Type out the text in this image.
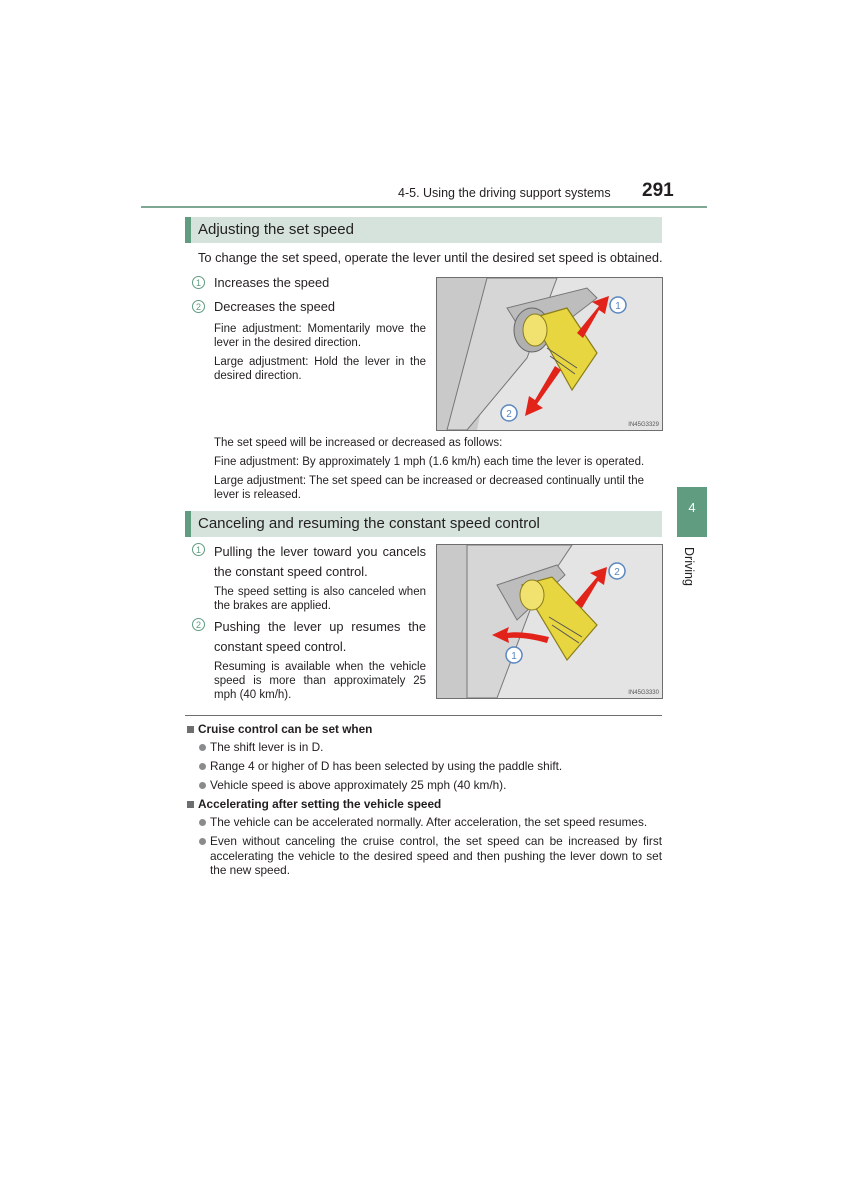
4-5. Using the driving support systems 291
4
Driving
Adjusting the set speed
To change the set speed, operate the lever until the desired set speed is obtained.
1	Increases the speed
2	Decreases the speed
Fine adjustment: Momentarily move the lever in the desired direction.
Large adjustment: Hold the lever in the desired direction.
1
2
IN45G3329
The set speed will be increased or decreased as follows:
Fine adjustment: By approximately 1 mph (1.6 km/h) each time the lever is operated.
Large adjustment: The set speed can be increased or decreased continually until the lever is released.
Canceling and resuming the constant speed control
1	Pulling the lever toward you cancels the constant speed control.
The speed setting is also canceled when the brakes are applied.
2	Pushing the lever up resumes the constant speed control.
Resuming is available when the vehicle speed is more than approximately 25 mph (40 km/h).
2
1
IN45G3330
Cruise control can be set when
The shift lever is in D.
Range 4 or higher of D has been selected by using the paddle shift.
Vehicle speed is above approximately 25 mph (40 km/h).
Accelerating after setting the vehicle speed
The vehicle can be accelerated normally. After acceleration, the set speed resumes.
Even without canceling the cruise control, the set speed can be increased by first accelerating the vehicle to the desired speed and then pushing the lever down to set the new speed.
